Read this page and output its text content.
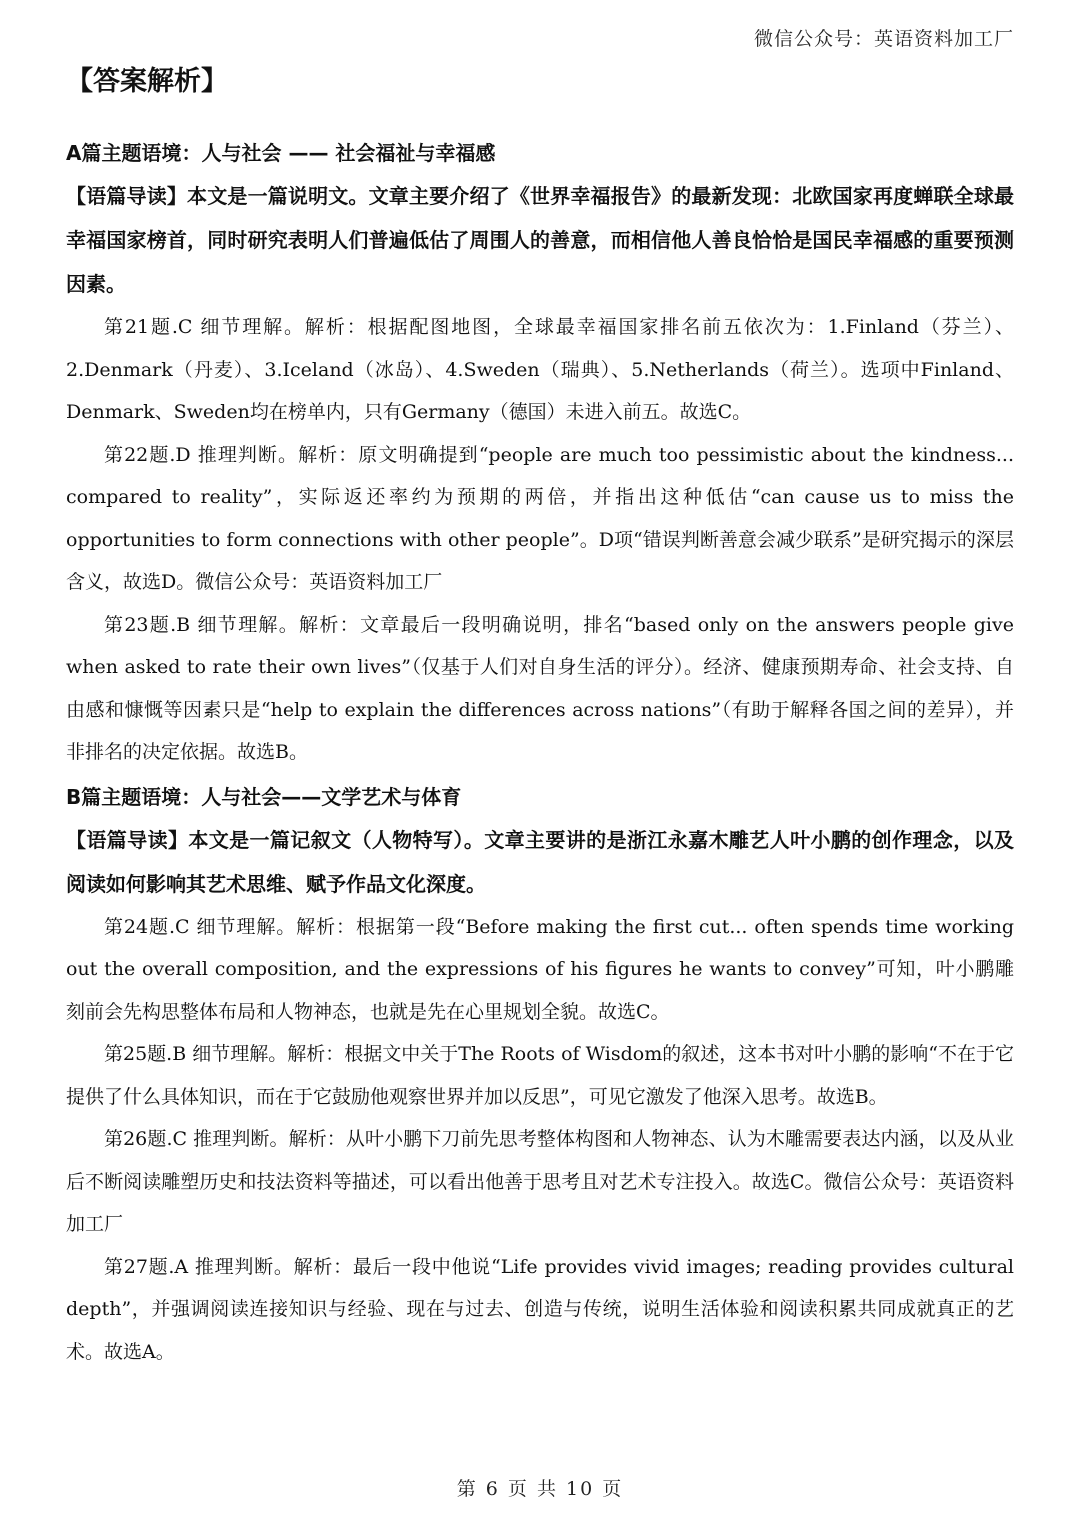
微信公众号：英语资料加工厂
【答案解析】
A篇主题语境：人与社会 —— 社会福祉与幸福感
【语篇导读】本文是一篇说明文。文章主要介绍了《世界幸福报告》的最新发现：北欧国家再度蝉联全球最幸福国家榜首，同时研究表明人们普遍低估了周围人的善意，而相信他人善良恰恰是国民幸福感的重要预测因素。
第21题.C 细节理解。解析：根据配图地图，全球最幸福国家排名前五依次为：1.Finland（芬兰）、2.Denmark（丹麦）、3.Iceland（冰岛）、4.Sweden（瑞典）、5.Netherlands（荷兰）。选项中Finland、Denmark、Sweden均在榜单内，只有Germany（德国）未进入前五。故选C。
第22题.D 推理判断。解析：原文明确提到“people are much too pessimistic about the kindness... compared to reality”，实际返还率约为预期的两倍，并指出这种低估“can cause us to miss the opportunities to form connections with other people”。D项“错误判断善意会减少联系”是研究揭示的深层含义，故选D。微信公众号：英语资料加工厂
第23题.B 细节理解。解析：文章最后一段明确说明，排名“based only on the answers people give when asked to rate their own lives”（仅基于人们对自身生活的评分）。经济、健康预期寿命、社会支持、自由感和慷慨等因素只是“help to explain the differences across nations”（有助于解释各国之间的差异），并非排名的决定依据。故选B。
B篇主题语境：人与社会——文学艺术与体育
【语篇导读】本文是一篇记叙文（人物特写）。文章主要讲的是浙江永嘉木雕艺人叶小鹏的创作理念，以及阅读如何影响其艺术思维、赋予作品文化深度。
第24题.C 细节理解。解析：根据第一段“Before making the first cut... often spends time working out the overall composition, and the expressions of his figures he wants to convey”可知，叶小鹏雕刻前会先构思整体布局和人物神态，也就是先在心里规划全貌。故选C。
第25题.B 细节理解。解析：根据文中关于The Roots of Wisdom的叙述，这本书对叶小鹏的影响“不在于它提供了什么具体知识，而在于它鼓励他观察世界并加以反思”，可见它激发了他深入思考。故选B。
第26题.C 推理判断。解析：从叶小鹏下刀前先思考整体构图和人物神态、认为木雕需要表达内涵，以及从业后不断阅读雕塑历史和技法资料等描述，可以看出他善于思考且对艺术专注投入。故选C。微信公众号：英语资料加工厂
第27题.A 推理判断。解析：最后一段中他说“Life provides vivid images; reading provides cultural depth”，并强调阅读连接知识与经验、现在与过去、创造与传统，说明生活体验和阅读积累共同成就真正的艺术。故选A。
第 6 页 共 10 页
